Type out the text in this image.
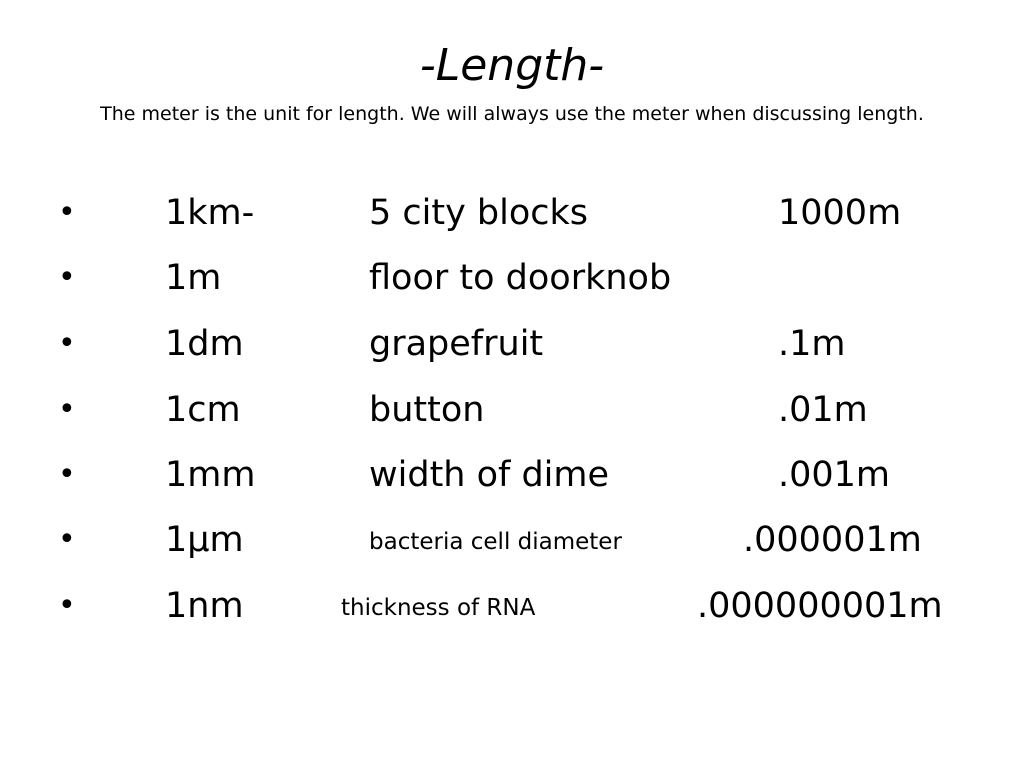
-Length-

The meter is the unit for length. We will always use the meter when discussing length.

•	1km-	5 city blocks	1000m
•	1m	floor to doorknob
•	1dm	grapefruit	.1m
•	1cm	button	.01m
•	1mm	width of dime	.001m
•	1μm	bacteria cell diameter	.000001m
•	1nm	thickness of RNA	.000000001m
